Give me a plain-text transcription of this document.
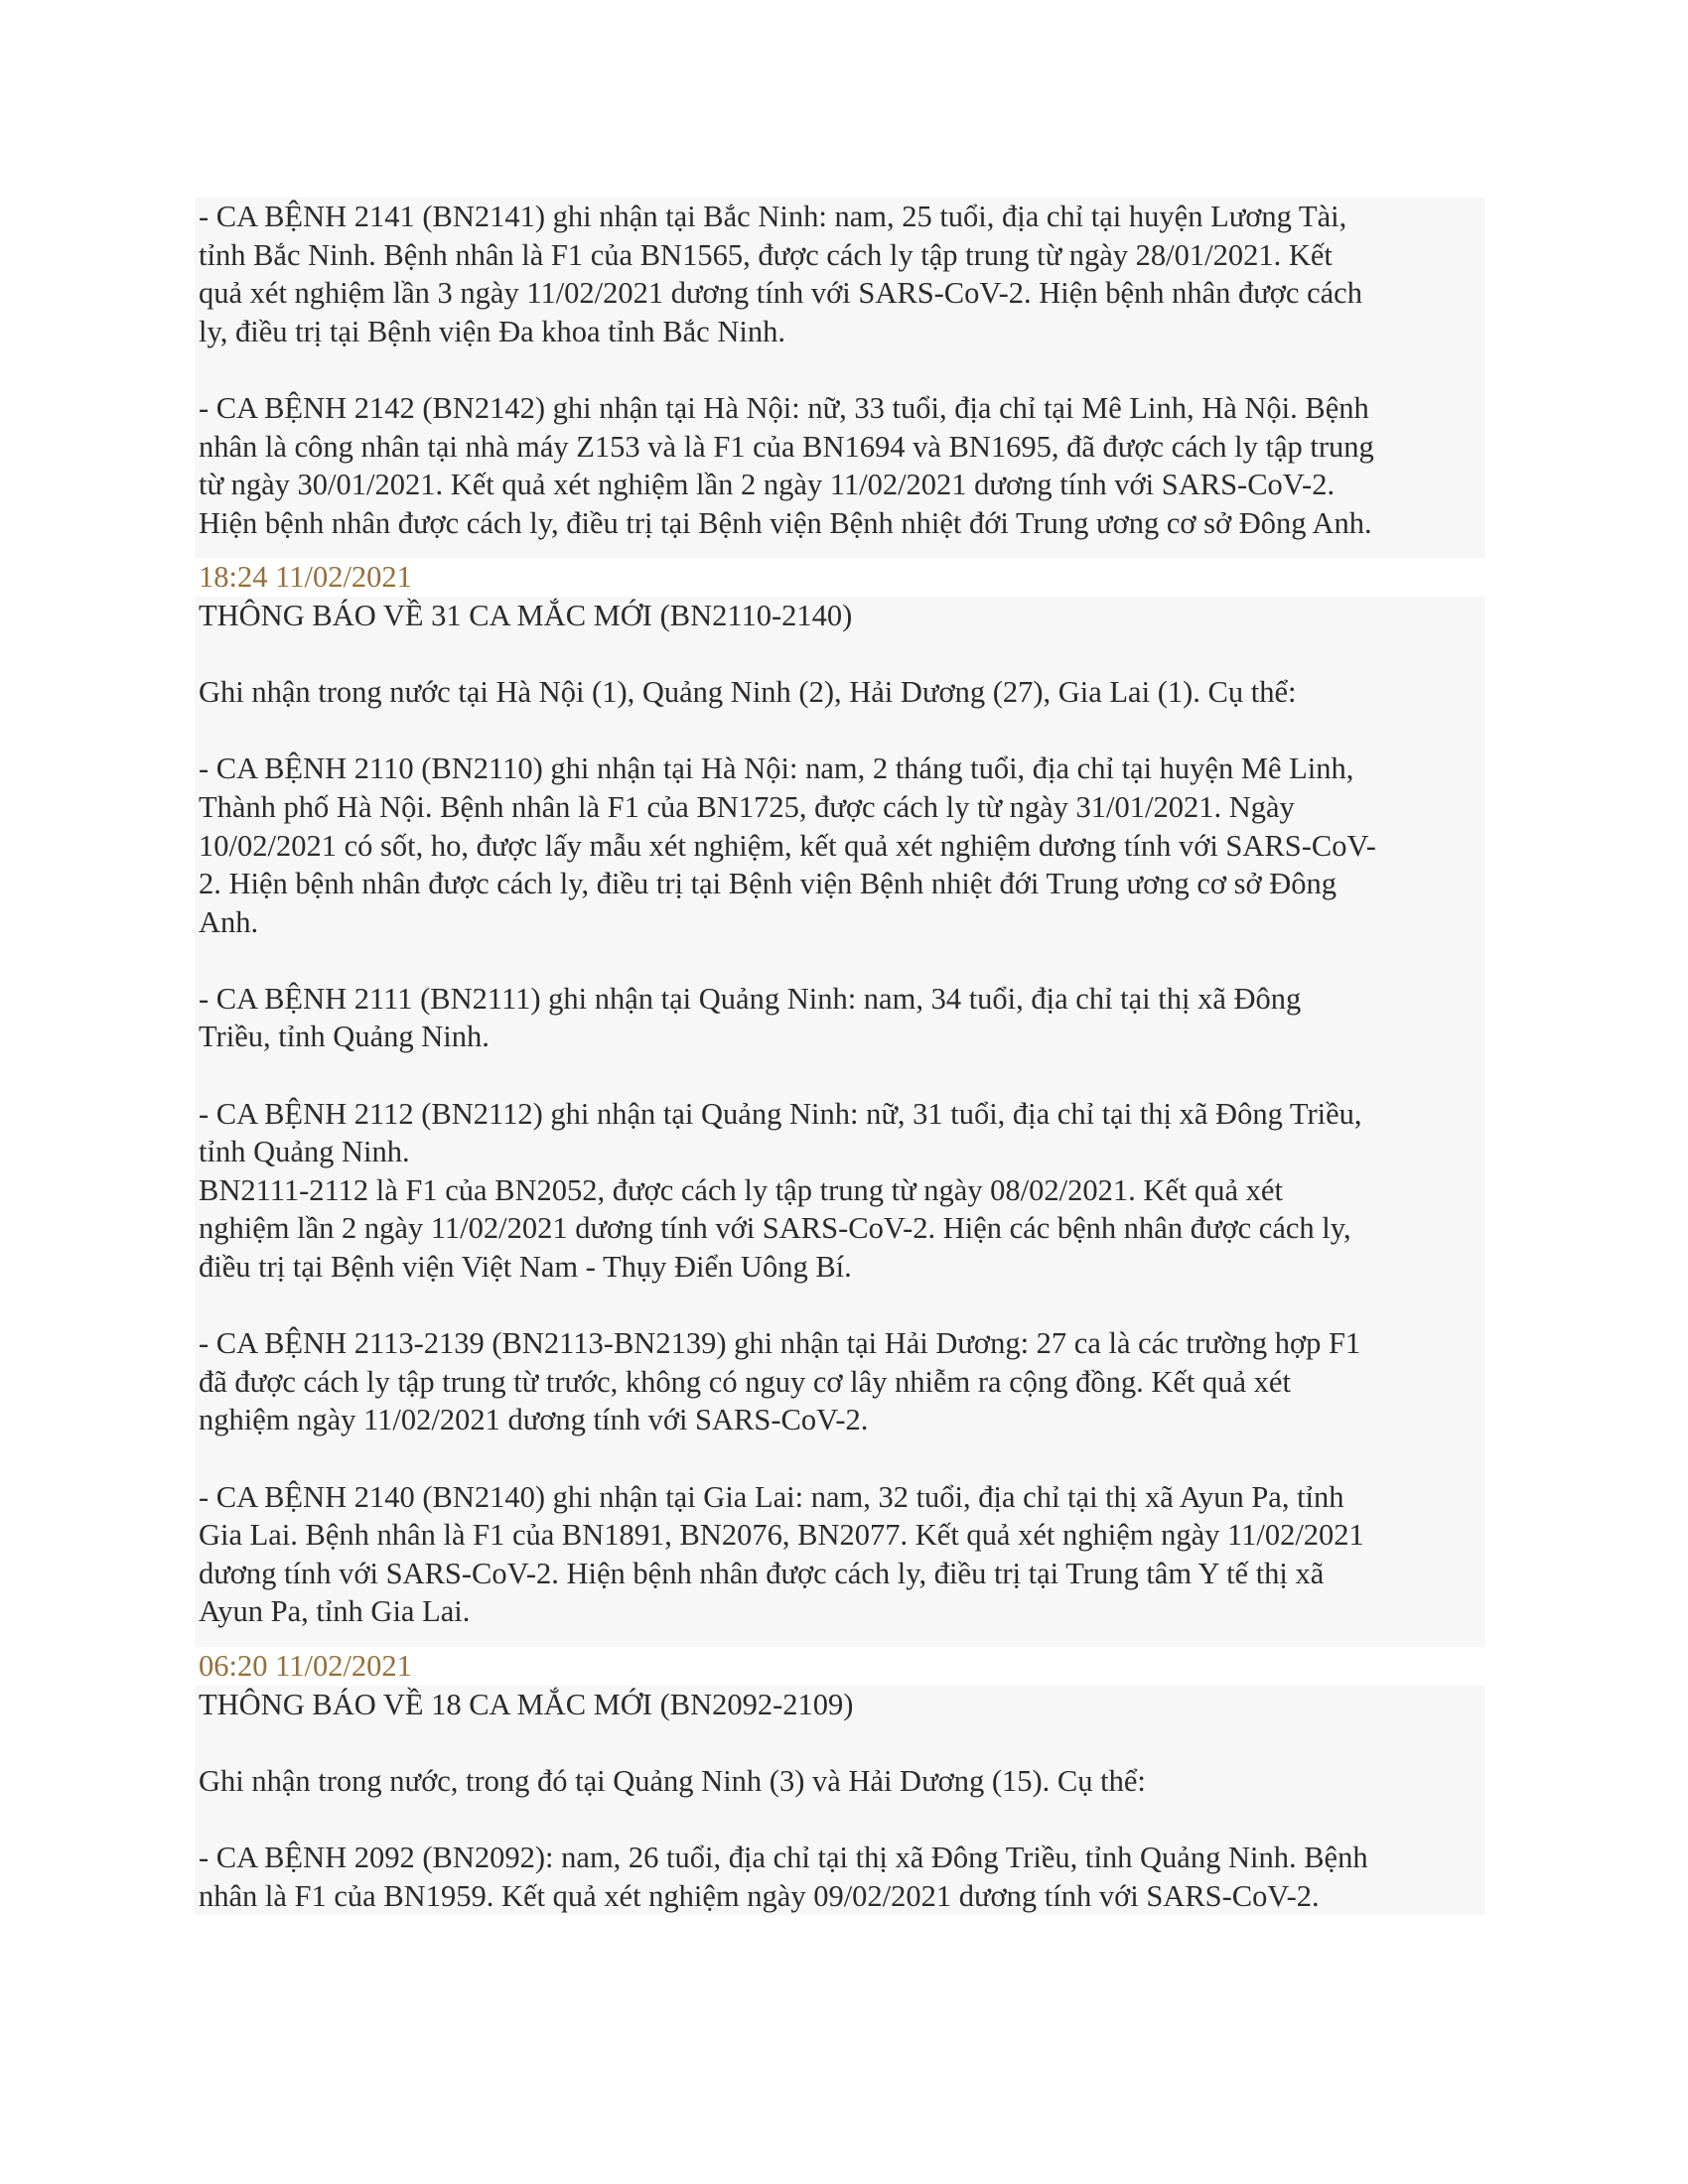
- CA BỆNH 2141 (BN2141) ghi nhận tại Bắc Ninh: nam, 25 tuổi, địa chỉ tại huyện Lương Tài,
tỉnh Bắc Ninh. Bệnh nhân là F1 của BN1565, được cách ly tập trung từ ngày 28/01/2021. Kết
quả xét nghiệm lần 3 ngày 11/02/2021 dương tính với SARS-CoV-2. Hiện bệnh nhân được cách
ly, điều trị tại Bệnh viện Đa khoa tỉnh Bắc Ninh.
- CA BỆNH 2142 (BN2142) ghi nhận tại Hà Nội: nữ, 33 tuổi, địa chỉ tại Mê Linh, Hà Nội. Bệnh
nhân là công nhân tại nhà máy Z153 và là F1 của BN1694 và BN1695, đã được cách ly tập trung
từ ngày 30/01/2021. Kết quả xét nghiệm lần 2 ngày 11/02/2021 dương tính với SARS-CoV-2.
Hiện bệnh nhân được cách ly, điều trị tại Bệnh viện Bệnh nhiệt đới Trung ương cơ sở Đông Anh.
18:24 11/02/2021
THÔNG BÁO VỀ 31 CA MẮC MỚI (BN2110-2140)
Ghi nhận trong nước tại Hà Nội (1), Quảng Ninh (2), Hải Dương (27), Gia Lai (1). Cụ thể:
- CA BỆNH 2110 (BN2110) ghi nhận tại Hà Nội: nam, 2 tháng tuổi, địa chỉ tại huyện Mê Linh,
Thành phố Hà Nội. Bệnh nhân là F1 của BN1725, được cách ly từ ngày 31/01/2021. Ngày
10/02/2021 có sốt, ho, được lấy mẫu xét nghiệm, kết quả xét nghiệm dương tính với SARS-CoV-
2. Hiện bệnh nhân được cách ly, điều trị tại Bệnh viện Bệnh nhiệt đới Trung ương cơ sở Đông
Anh.
- CA BỆNH 2111 (BN2111) ghi nhận tại Quảng Ninh: nam, 34 tuổi, địa chỉ tại thị xã Đông
Triều, tỉnh Quảng Ninh.
- CA BỆNH 2112 (BN2112) ghi nhận tại Quảng Ninh: nữ, 31 tuổi, địa chỉ tại thị xã Đông Triều,
tỉnh Quảng Ninh.
BN2111-2112 là F1 của BN2052, được cách ly tập trung từ ngày 08/02/2021. Kết quả xét
nghiệm lần 2 ngày 11/02/2021 dương tính với SARS-CoV-2. Hiện các bệnh nhân được cách ly,
điều trị tại Bệnh viện Việt Nam - Thụy Điển Uông Bí.
- CA BỆNH 2113-2139 (BN2113-BN2139) ghi nhận tại Hải Dương: 27 ca là các trường hợp F1
đã được cách ly tập trung từ trước, không có nguy cơ lây nhiễm ra cộng đồng. Kết quả xét
nghiệm ngày 11/02/2021 dương tính với SARS-CoV-2.
- CA BỆNH 2140 (BN2140) ghi nhận tại Gia Lai: nam, 32 tuổi, địa chỉ tại thị xã Ayun Pa, tỉnh
Gia Lai. Bệnh nhân là F1 của BN1891, BN2076, BN2077. Kết quả xét nghiệm ngày 11/02/2021
dương tính với SARS-CoV-2. Hiện bệnh nhân được cách ly, điều trị tại Trung tâm Y tế thị xã
Ayun Pa, tỉnh Gia Lai.
06:20 11/02/2021
THÔNG BÁO VỀ 18 CA MẮC MỚI (BN2092-2109)
Ghi nhận trong nước, trong đó tại Quảng Ninh (3) và Hải Dương (15). Cụ thể:
- CA BỆNH 2092 (BN2092): nam, 26 tuổi, địa chỉ tại thị xã Đông Triều, tỉnh Quảng Ninh. Bệnh
nhân là F1 của BN1959. Kết quả xét nghiệm ngày 09/02/2021 dương tính với SARS-CoV-2.
